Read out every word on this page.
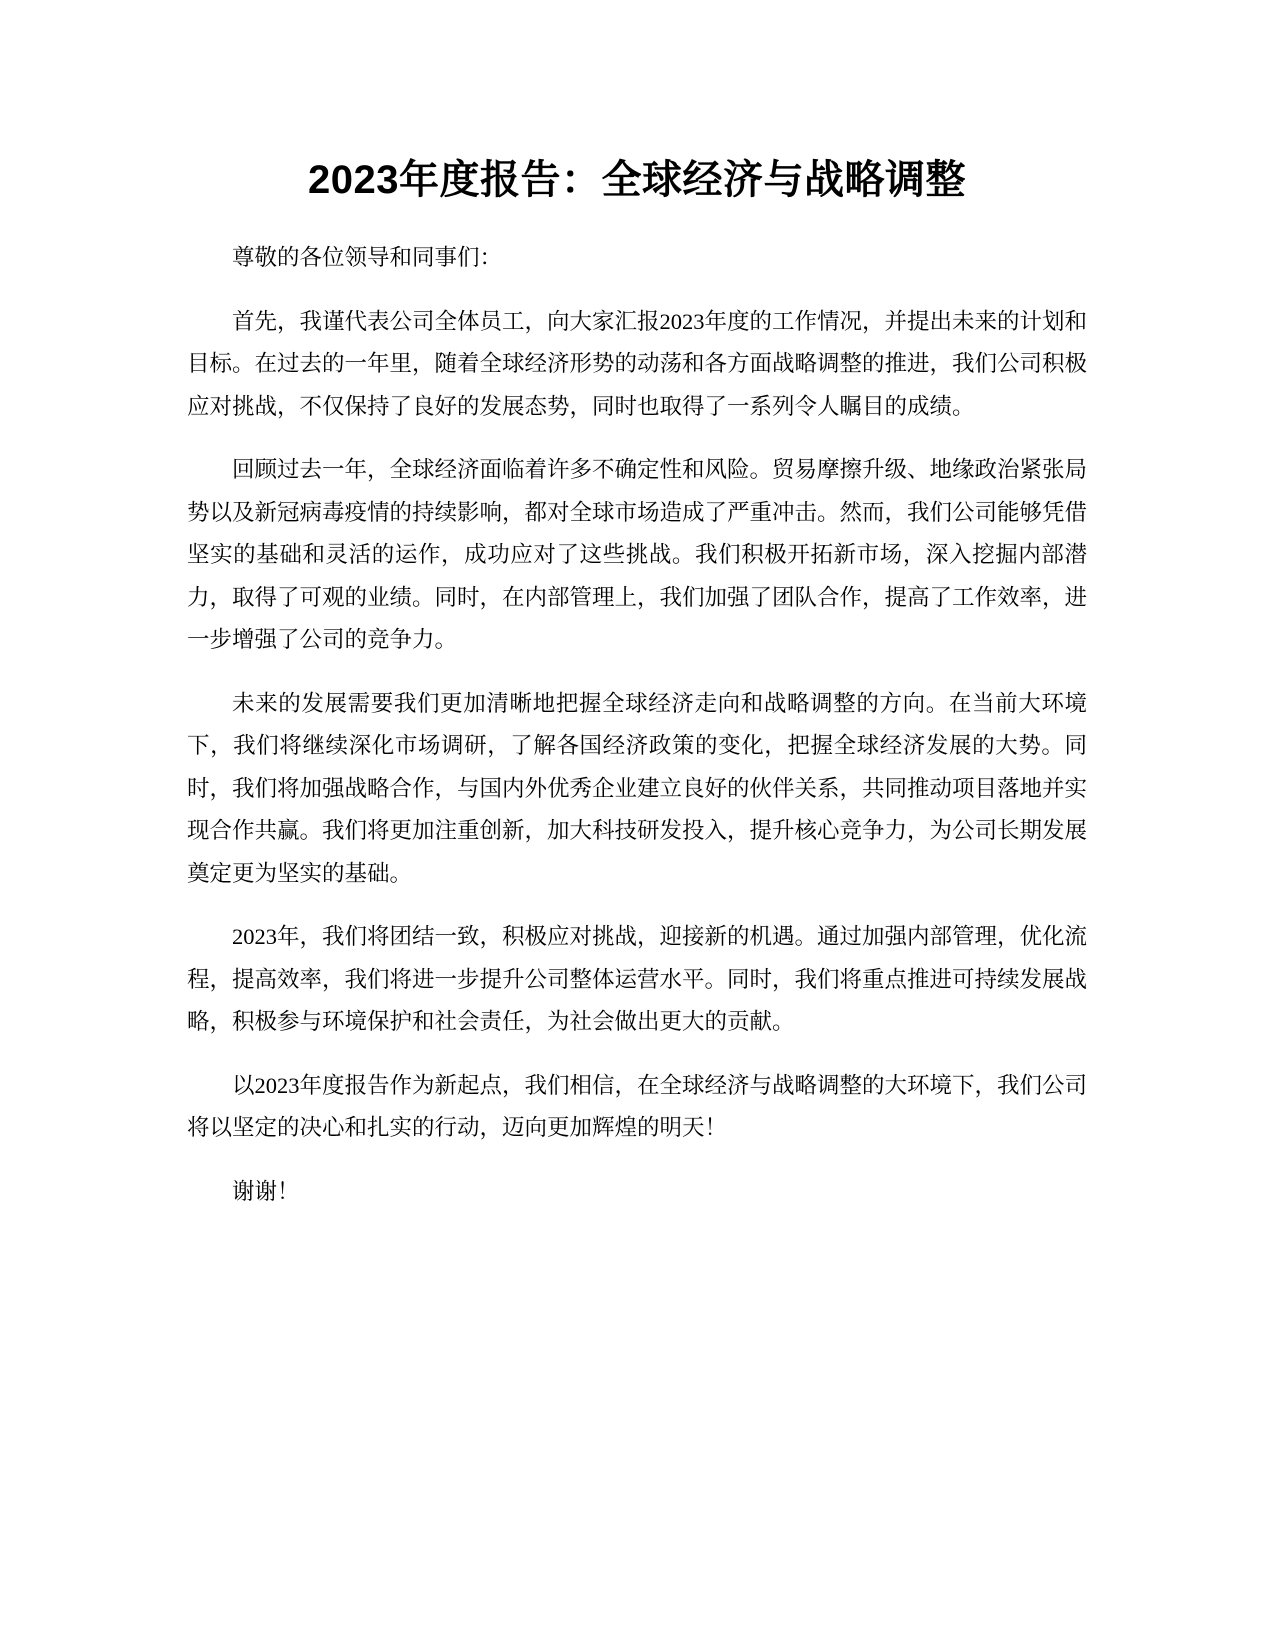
2023年度报告：全球经济与战略调整

尊敬的各位领导和同事们：

首先，我谨代表公司全体员工，向大家汇报2023年度的工作情况，并提出未来的计划和目标。在过去的一年里，随着全球经济形势的动荡和各方面战略调整的推进，我们公司积极应对挑战，不仅保持了良好的发展态势，同时也取得了一系列令人瞩目的成绩。

回顾过去一年，全球经济面临着许多不确定性和风险。贸易摩擦升级、地缘政治紧张局势以及新冠病毒疫情的持续影响，都对全球市场造成了严重冲击。然而，我们公司能够凭借坚实的基础和灵活的运作，成功应对了这些挑战。我们积极开拓新市场，深入挖掘内部潜力，取得了可观的业绩。同时，在内部管理上，我们加强了团队合作，提高了工作效率，进一步增强了公司的竞争力。

未来的发展需要我们更加清晰地把握全球经济走向和战略调整的方向。在当前大环境下，我们将继续深化市场调研，了解各国经济政策的变化，把握全球经济发展的大势。同时，我们将加强战略合作，与国内外优秀企业建立良好的伙伴关系，共同推动项目落地并实现合作共赢。我们将更加注重创新，加大科技研发投入，提升核心竞争力，为公司长期发展奠定更为坚实的基础。

2023年，我们将团结一致，积极应对挑战，迎接新的机遇。通过加强内部管理，优化流程，提高效率，我们将进一步提升公司整体运营水平。同时，我们将重点推进可持续发展战略，积极参与环境保护和社会责任，为社会做出更大的贡献。

以2023年度报告作为新起点，我们相信，在全球经济与战略调整的大环境下，我们公司将以坚定的决心和扎实的行动，迈向更加辉煌的明天！

谢谢！
